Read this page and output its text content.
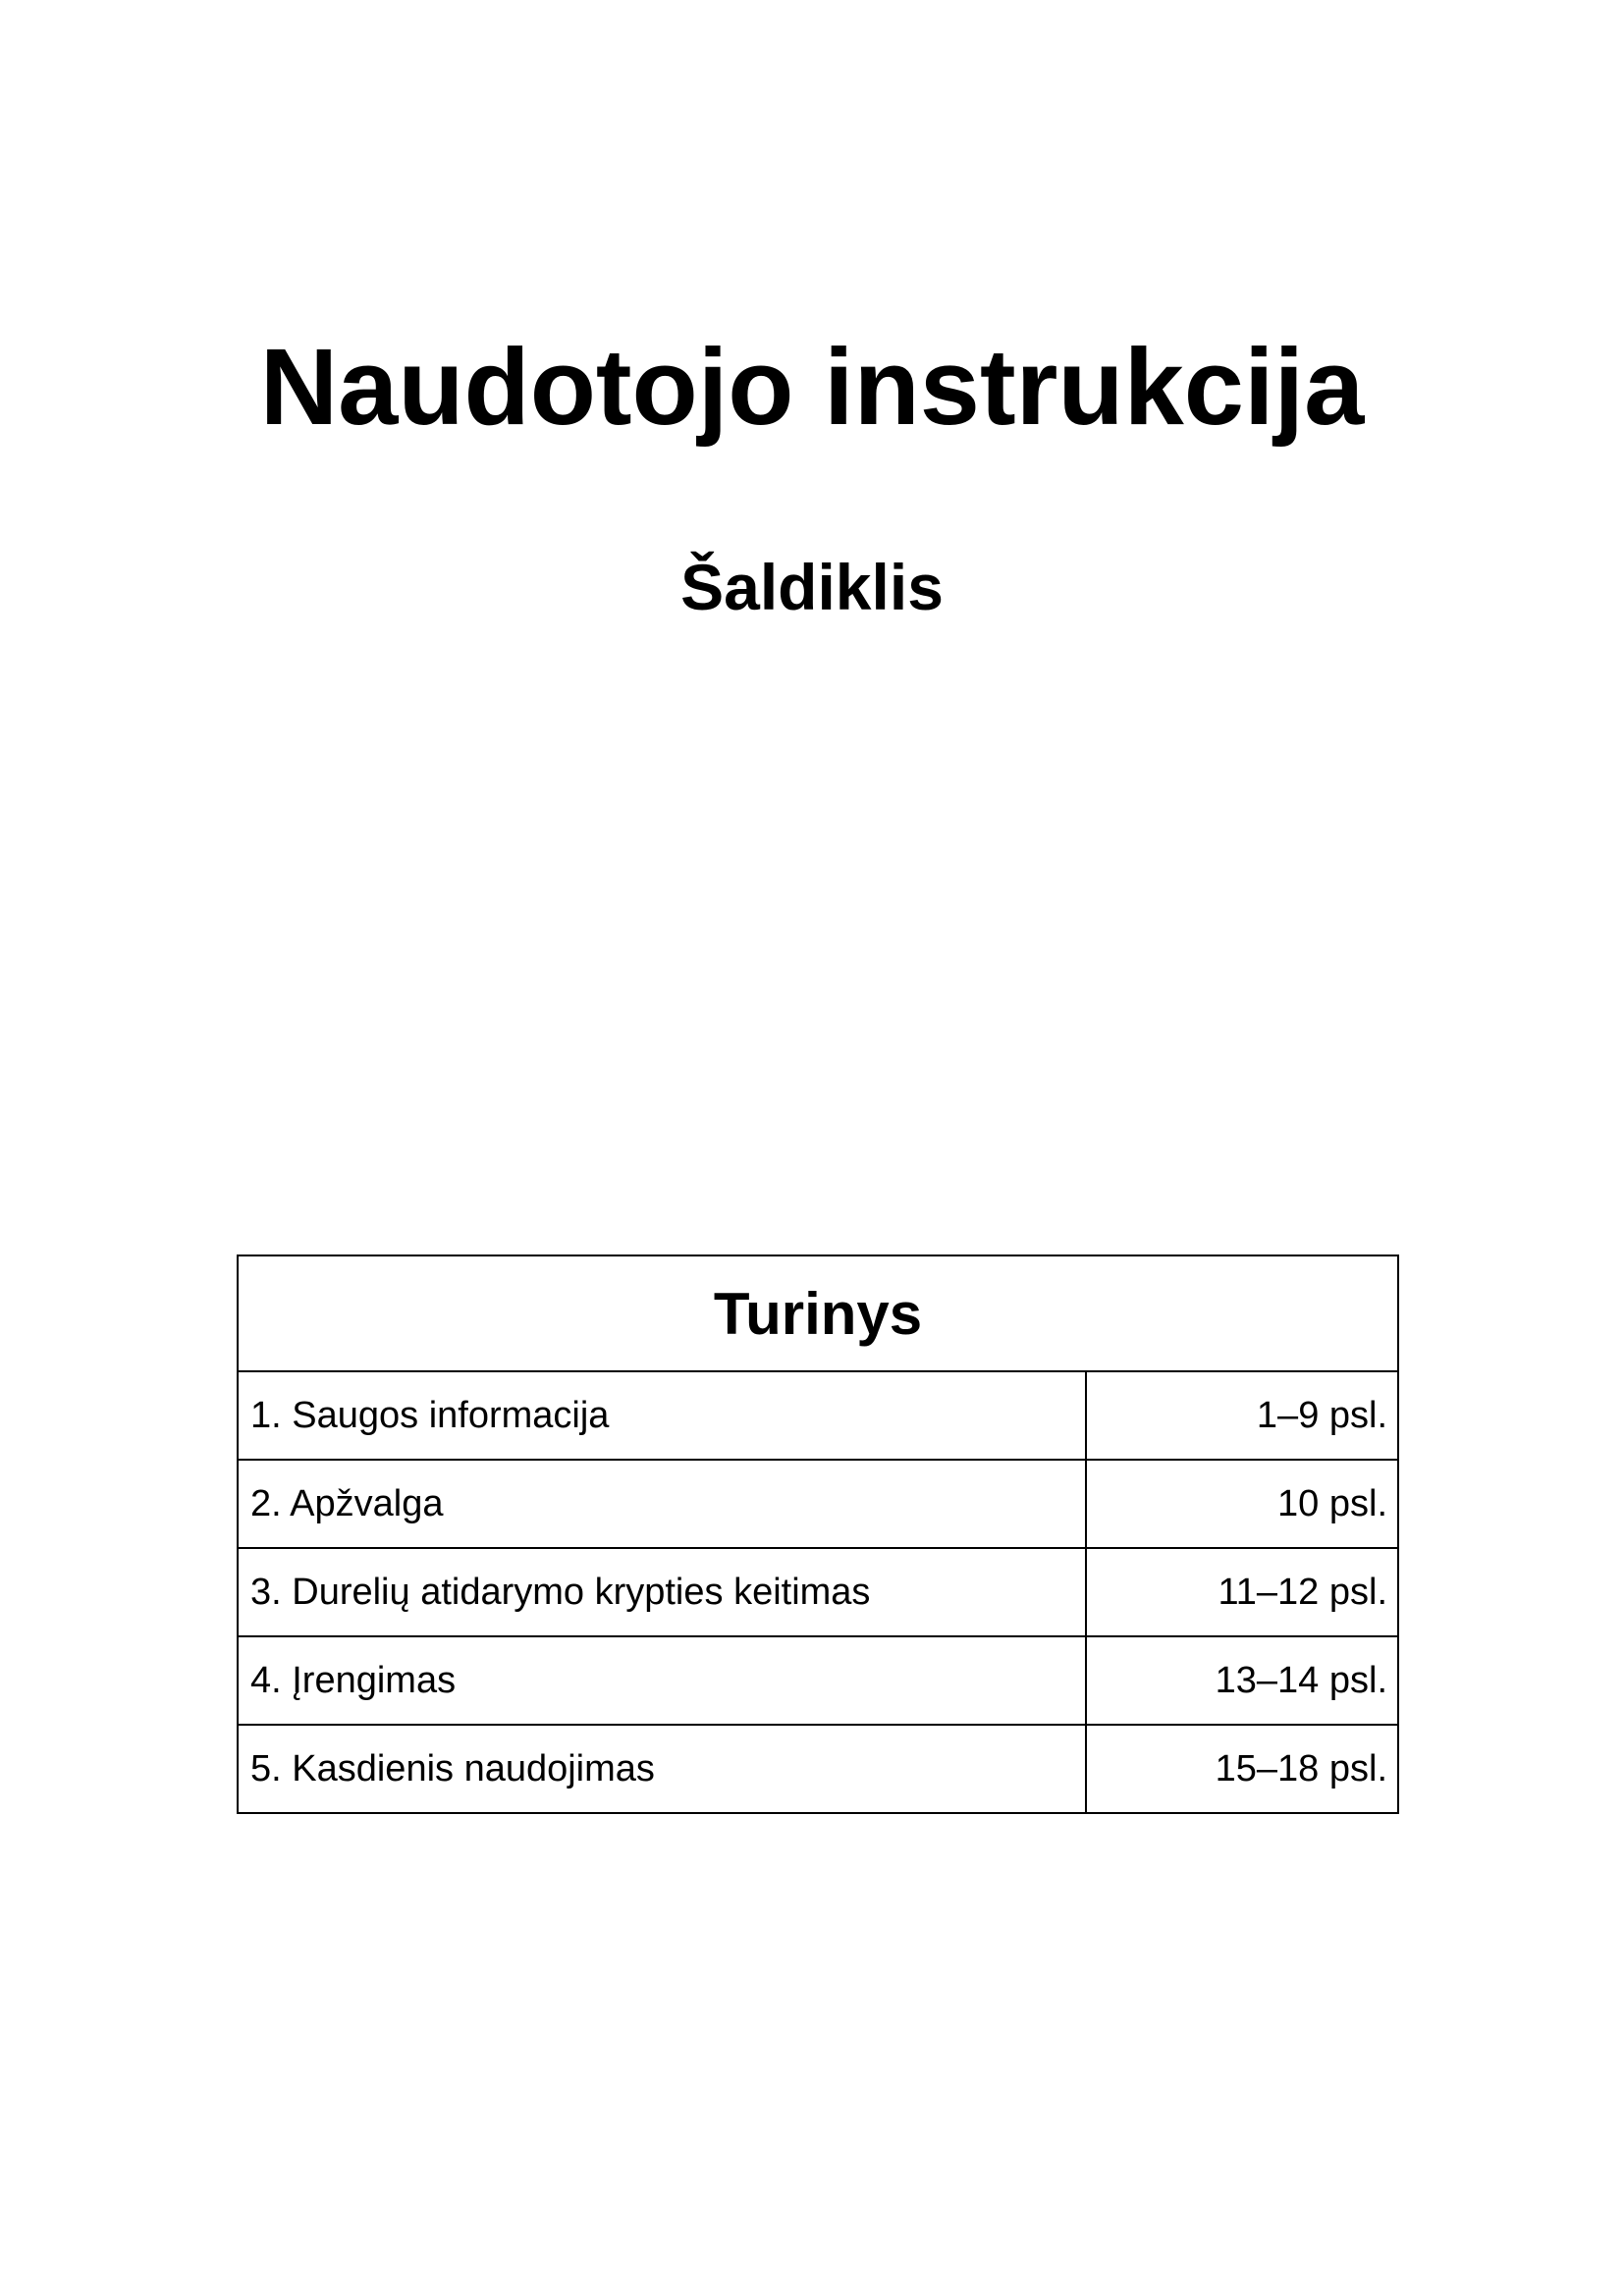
Naudotojo instrukcija
Šaldiklis
Turinys	
1. Saugos informacija	1–9 psl.
2. Apžvalga	10 psl.
3. Durelių atidarymo krypties keitimas	11–12 psl.
4. Įrengimas	13–14 psl.
5. Kasdienis naudojimas	15–18 psl.
